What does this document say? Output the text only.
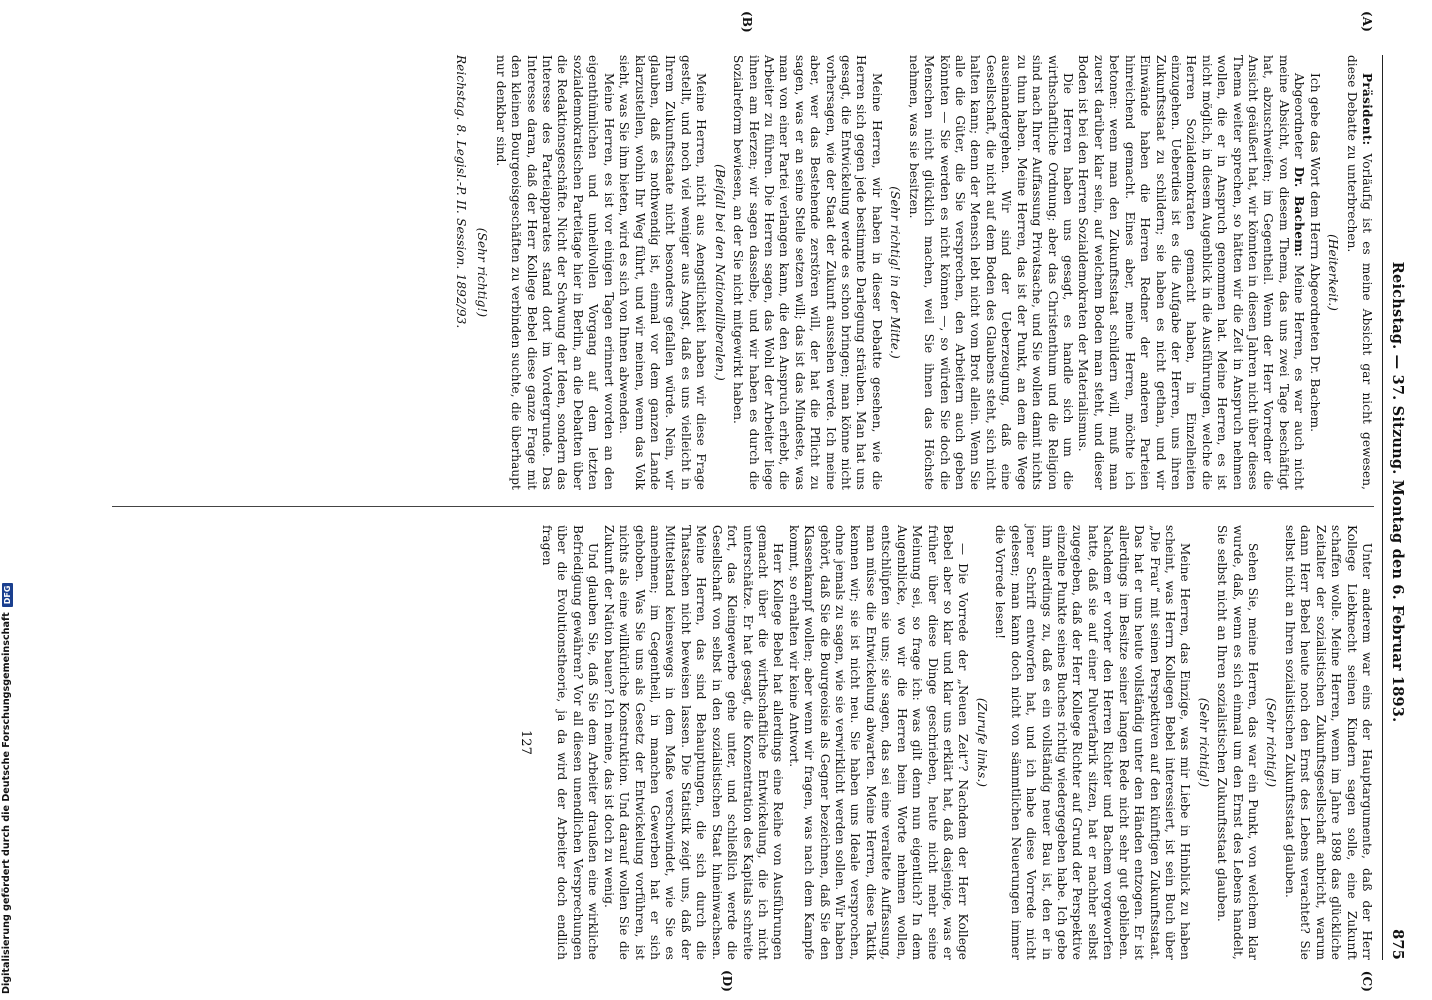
Reichstag. — 37. Sitzung. Montag den 6. Februar 1893.
875
(A)
(B)

Präsident: Vorläufig ist es meine Absicht gar nicht gewesen, diese Debatte zu unterbrechen.

(Heiterkeit.)

Ich gebe das Wort dem Herrn Abgeordneten Dr. Bachem.

Abgeordneter Dr. Bachem: Meine Herren, es war auch nicht meine Absicht, von diesem Thema, das uns zwei Tage beschäftigt hat, abzuschweifen; im Gegentheil. Wenn der Herr Vorredner die Ansicht geäußert hat, wir könnten in diesen Jahren nicht über dieses Thema weiter sprechen, so hätten wir die Zeit in Anspruch nehmen wollen, die er in Anspruch genommen hat. Meine Herren, es ist nicht möglich, in diesem Augenblick in die Ausführungen, welche die Herren Sozialdemokraten gemacht haben, in Einzelheiten einzugehen. Ueberdies ist es die Aufgabe der Herren, uns ihren Zukunftsstaat zu schildern; sie haben es nicht gethan, und wir Einwände haben die Herren Redner der anderen Parteien hinreichend gemacht. Eines aber, meine Herren, möchte ich betonen: wenn man den Zukunftsstaat schildern will, muß man zuerst darüber klar sein, auf welchem Boden man steht, und dieser Boden ist bei den Herren Sozialdemokraten der Materialismus.

Die Herren haben uns gesagt, es handle sich um die wirthschaftliche Ordnung; aber das Christenthum und die Religion sind nach Ihrer Auffassung Privatsache, und Sie wollen damit nichts zu thun haben. Meine Herren, das ist der Punkt, an dem die Wege auseinandergehen. Wir sind der Ueberzeugung, daß eine Gesellschaft, die nicht auf dem Boden des Glaubens steht, sich nicht halten kann; denn der Mensch lebt nicht vom Brot allein. Wenn Sie alle die Güter, die Sie versprechen, den Arbeitern auch geben könnten — Sie werden es nicht können —, so würden Sie doch die Menschen nicht glücklich machen, weil Sie ihnen das Höchste nehmen, was sie besitzen.

(Sehr richtig! in der Mitte.)

Meine Herren, wir haben in dieser Debatte gesehen, wie die Herren sich gegen jede bestimmte Darlegung sträuben. Man hat uns gesagt, die Entwickelung werde es schon bringen; man könne nicht vorhersagen, wie der Staat der Zukunft aussehen werde. Ich meine aber, wer das Bestehende zerstören will, der hat die Pflicht zu sagen, was er an seine Stelle setzen will; das ist das Mindeste, was man von einer Partei verlangen kann, die den Anspruch erhebt, die Arbeiter zu führen. Die Herren sagen, das Wohl der Arbeiter liege ihnen am Herzen; wir sagen dasselbe, und wir haben es durch die Sozialreform bewiesen, an der Sie nicht mitgewirkt haben.

(Beifall bei den Nationalliberalen.)

Meine Herren, nicht aus Aengstlichkeit haben wir diese Frage gestellt, und noch viel weniger aus Angst, daß es uns vielleicht in Ihrem Zukunftsstaate nicht besonders gefallen würde. Nein, wir glauben, daß es nothwendig ist, einmal vor dem ganzen Lande klarzustellen, wohin Ihr Weg führt, und wir meinen, wenn das Volk sieht, was Sie ihm bieten, wird es sich von Ihnen abwenden.

Meine Herren, es ist vor einigen Tagen erinnert worden an den eigenthümlichen und unheilvollen Vorgang auf dem letzten sozialdemokratischen Parteitage hier in Berlin, an die Debatten über die Redaktionsgeschäfte. Nicht der Schwung der Ideen, sondern das Interesse des Parteiapparates stand dort im Vordergrunde. Das Interesse daran, daß der Herr Kollege Bebel diese ganze Frage mit den kleinen Bourgeoisgeschäften zu verbinden suchte, die überhaupt nur denkbar sind.

(Sehr richtig!)

Reichstag. 8. Legisl.-P. II. Session. 1892/93.

(C)
(D)

Unter anderem war eins der Hauptargumente, daß der Herr Kollege Liebknecht seinen Kindern sagen solle, eine Zukunft schaffen wolle. Meine Herren, wenn im Jahre 1898 das glückliche Zeitalter der sozialistischen Zukunftsgesellschaft anbricht, warum dann Herr Bebel heute noch den Ernst des Lebens verachtet? Sie selbst nicht an Ihren sozialistischen Zukunftsstaat glauben.

(Sehr richtig!)

Sehen Sie, meine Herren, das war ein Punkt, von welchem klar wurde, daß, wenn es sich einmal um den Ernst des Lebens handelt, Sie selbst nicht an Ihren sozialistischen Zukunftsstaat glauben.

(Sehr richtig!)

Meine Herren, das Einzige, was mir Liebe in Hinblick zu haben scheint, was Herrn Kollegen Bebel interessiert, ist sein Buch über „Die Frau“ mit seinen Perspektiven auf den künftigen Zukunftsstaat. Das hat er uns heute vollständig unter den Händen entzogen. Er ist allerdings im Besitze seiner langen Rede nicht sehr gut geblieben. Nachdem er vorher den Herren Richter und Bachem vorgeworfen hatte, daß sie auf einer Pulverfabrik sitzen, hat er nachher selbst zugegeben, daß der Herr Kollege Richter auf Grund der Perspektive einzelne Punkte seines Buches richtig wiedergegeben habe. Ich gebe ihm allerdings zu, daß es ein vollständig neuer Bau ist, den er in jener Schrift entworfen hat, und ich habe diese Vorrede nicht gelesen; man kann doch nicht von sämmtlichen Neuerungen immer die Vorrede lesen!

(Zurufe links.)

— Die Vorrede der „Neuen Zeit“? Nachdem der Herr Kollege Bebel aber so klar und klar uns erklärt hat, daß dasjenige, was er früher über diese Dinge geschrieben, heute nicht mehr seine Meinung sei, so frage ich: was gilt denn nun eigentlich? In dem Augenblicke, wo wir die Herren beim Worte nehmen wollen, entschlüpfen sie uns; sie sagen, das sei eine veraltete Auffassung, man müsse die Entwickelung abwarten. Meine Herren, diese Taktik kennen wir; sie ist nicht neu. Sie haben uns Ideale versprochen, ohne jemals zu sagen, wie sie verwirklicht werden sollen. Wir haben gehört, daß Sie die Bourgeoisie als Gegner bezeichnen, daß Sie den Klassenkampf wollen; aber wenn wir fragen, was nach dem Kampfe kommt, so erhalten wir keine Antwort.

Herr Kollege Bebel hat allerdings eine Reihe von Ausführungen gemacht über die wirthschaftliche Entwickelung, die ich nicht unterschätze. Er hat gesagt, die Konzentration des Kapitals schreite fort, das Kleingewerbe gehe unter, und schließlich werde die Gesellschaft von selbst in den sozialistischen Staat hineinwachsen. Meine Herren, das sind Behauptungen, die sich durch die Thatsachen nicht beweisen lassen. Die Statistik zeigt uns, daß der Mittelstand keineswegs in dem Maße verschwindet, wie Sie es annehmen; im Gegentheil, in manchen Gewerben hat er sich gehoben. Was Sie uns als Gesetz der Entwickelung vorführen, ist nichts als eine willkürliche Konstruktion. Und darauf wollen Sie die Zukunft der Nation bauen? Ich meine, das ist doch zu wenig.

Und glauben Sie, daß Sie dem Arbeiter draußen eine wirkliche Befriedigung gewähren? Vor all diesen unendlichen Versprechungen über die Evolutionstheorie, ja da wird der Arbeiter doch endlich fragen

127
Digitalisierung gefördert durch die Deutsche Forschungsgemeinschaft
DFG
